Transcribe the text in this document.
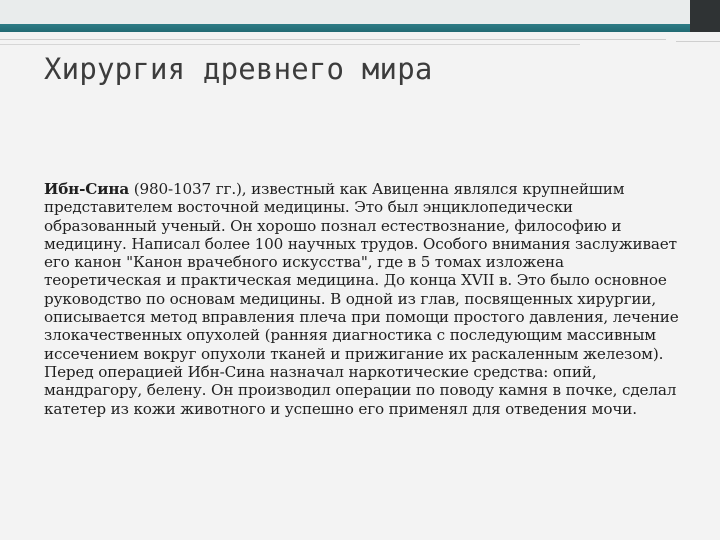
Хирургия древнего мира

Ибн-Сина (980-1037 гг.), известный как Авиценна являлся крупнейшим представителем восточной медицины. Это был энциклопедически образованный ученый. Он хорошо познал естествознание, философию и медицину. Написал более 100 научных трудов. Особого внимания заслуживает его канон "Канон врачебного искусства", где в 5 томах изложена теоретическая и практическая медицина. До конца XVII в. Это было основное руководство по основам медицины. В одной из глав, посвященных хирургии, описывается метод вправления плеча при помощи простого давления, лечение злокачественных опухолей (ранняя диагностика с последующим массивным иссечением вокруг опухоли тканей и прижигание их раскаленным железом). Перед операцией Ибн-Сина назначал наркотические средства: опий, мандрагору, белену. Он производил операции по поводу камня в почке, сделал катетер из кожи животного и успешно его применял для отведения мочи.
